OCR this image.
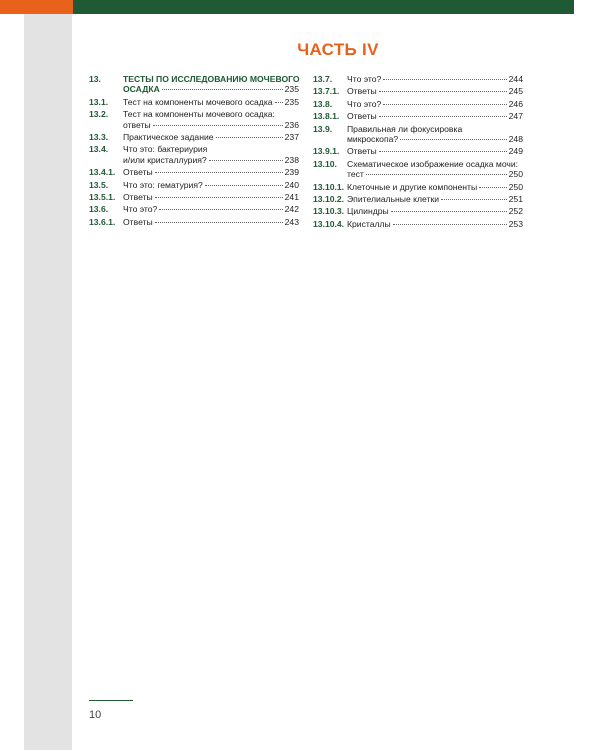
ЧАСТЬ IV
13.	ТЕСТЫ ПО ИССЛЕДОВАНИЮ МОЧЕВОГО
ОСАДКА	235
13.1.	Тест на компоненты мочевого осадка 235
13.2.	Тест на компоненты мочевого осадка:
ответы	236
13.3.	Практическое задание	237
13.4.	Что это: бактериурия
и/или кристаллурия?	238
13.4.1. Ответы	239
13.5.	Что это: гематурия?	240
13.5.1. Ответы	241
13.6.	Что это?	242
13.6.1. Ответы	243
13.7.	Что это?	244
13.7.1. Ответы	245
13.8.	Что это?	246
13.8.1. Ответы	247
13.9.	Правильная ли фокусировка
микроскопа?	248
13.9.1. Ответы	249
13.10.	Схематическое изображение осадка мочи:
тест	250
13.10.1. Клеточные и другие компоненты	250
13.10.2. Эпителиальные клетки	251
13.10.3. Цилиндры	252
13.10.4. Кристаллы	253
10
